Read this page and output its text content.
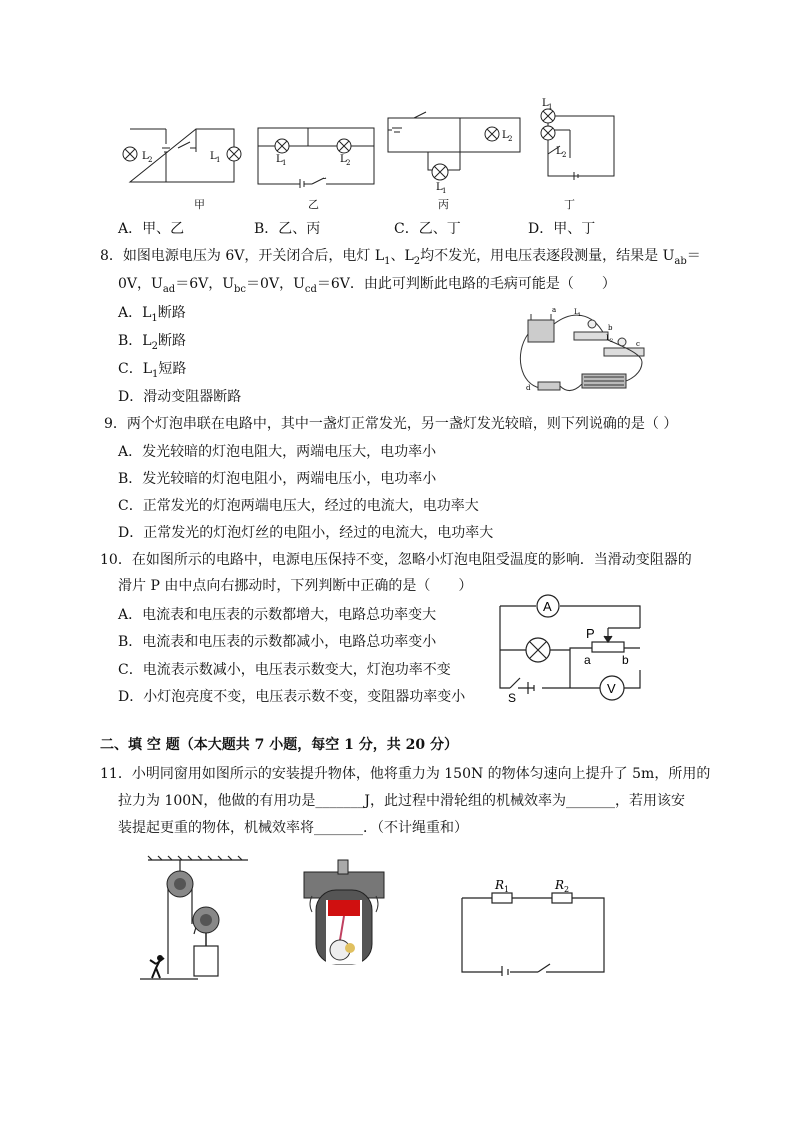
L 2	L 1
甲
L 1	L 2
乙
L 2
L 1
丙
L 1
L 2
丁
A．甲、乙	B．乙、丙	C．乙、丁	D．甲、丁
8．如图电源电压为 6V，开关闭合后，电灯 $L_1$、$L_2$均不发光，用电压表逐段测量，结果是 $U_{ab}=$
0V，$U_{ad}=6V$，$U_{bc}=0V$，$U_{cd}=6V$．由此可判断此电路的毛病可能是（　　）
A．$L_1$断路
B．$L_2$断路
C．$L_1$短路
D．滑动变阻器断路
a	L 1
L 2
b
c
d
9．两个灯泡串联在电路中，其中一盏灯正常发光，另一盏灯发光较暗，则下列说确的是（ ）
A．发光较暗的灯泡电阻大，两端电压大，电功率小
B．发光较暗的灯泡电阻小，两端电压小，电功率小
C．正常发光的灯泡两端电压大，经过的电流大，电功率大
D．正常发光的灯泡灯丝的电阻小，经过的电流大，电功率大
10．在如图所示的电路中，电源电压保持不变，忽略小灯泡电阻受温度的影响．当滑动变阻器的
滑片 P 由中点向右挪动时，下列判断中正确的是（　　）
A．电流表和电压表的示数都增大，电路总功率变大
B．电流表和电压表的示数都减小，电路总功率变小
C．电流表示数减小，电压表示数变大，灯泡功率不变
D．小灯泡亮度不变，电压表示数不变，变阻器功率变小
A
V
P
a	b
S
二、填 空 题（本大题共 7 小题，每空 1 分，共 20 分）
11．小明同窗用如图所示的安装提升物体，他将重力为 150N 的物体匀速向上提升了 5m，所用的
拉力为 100N，他做的有用功是_______J，此过程中滑轮组的机械效率为_______，若用该安
装提起更重的物体，机械效率将_______．（不计绳重和）
R 1	R 2
